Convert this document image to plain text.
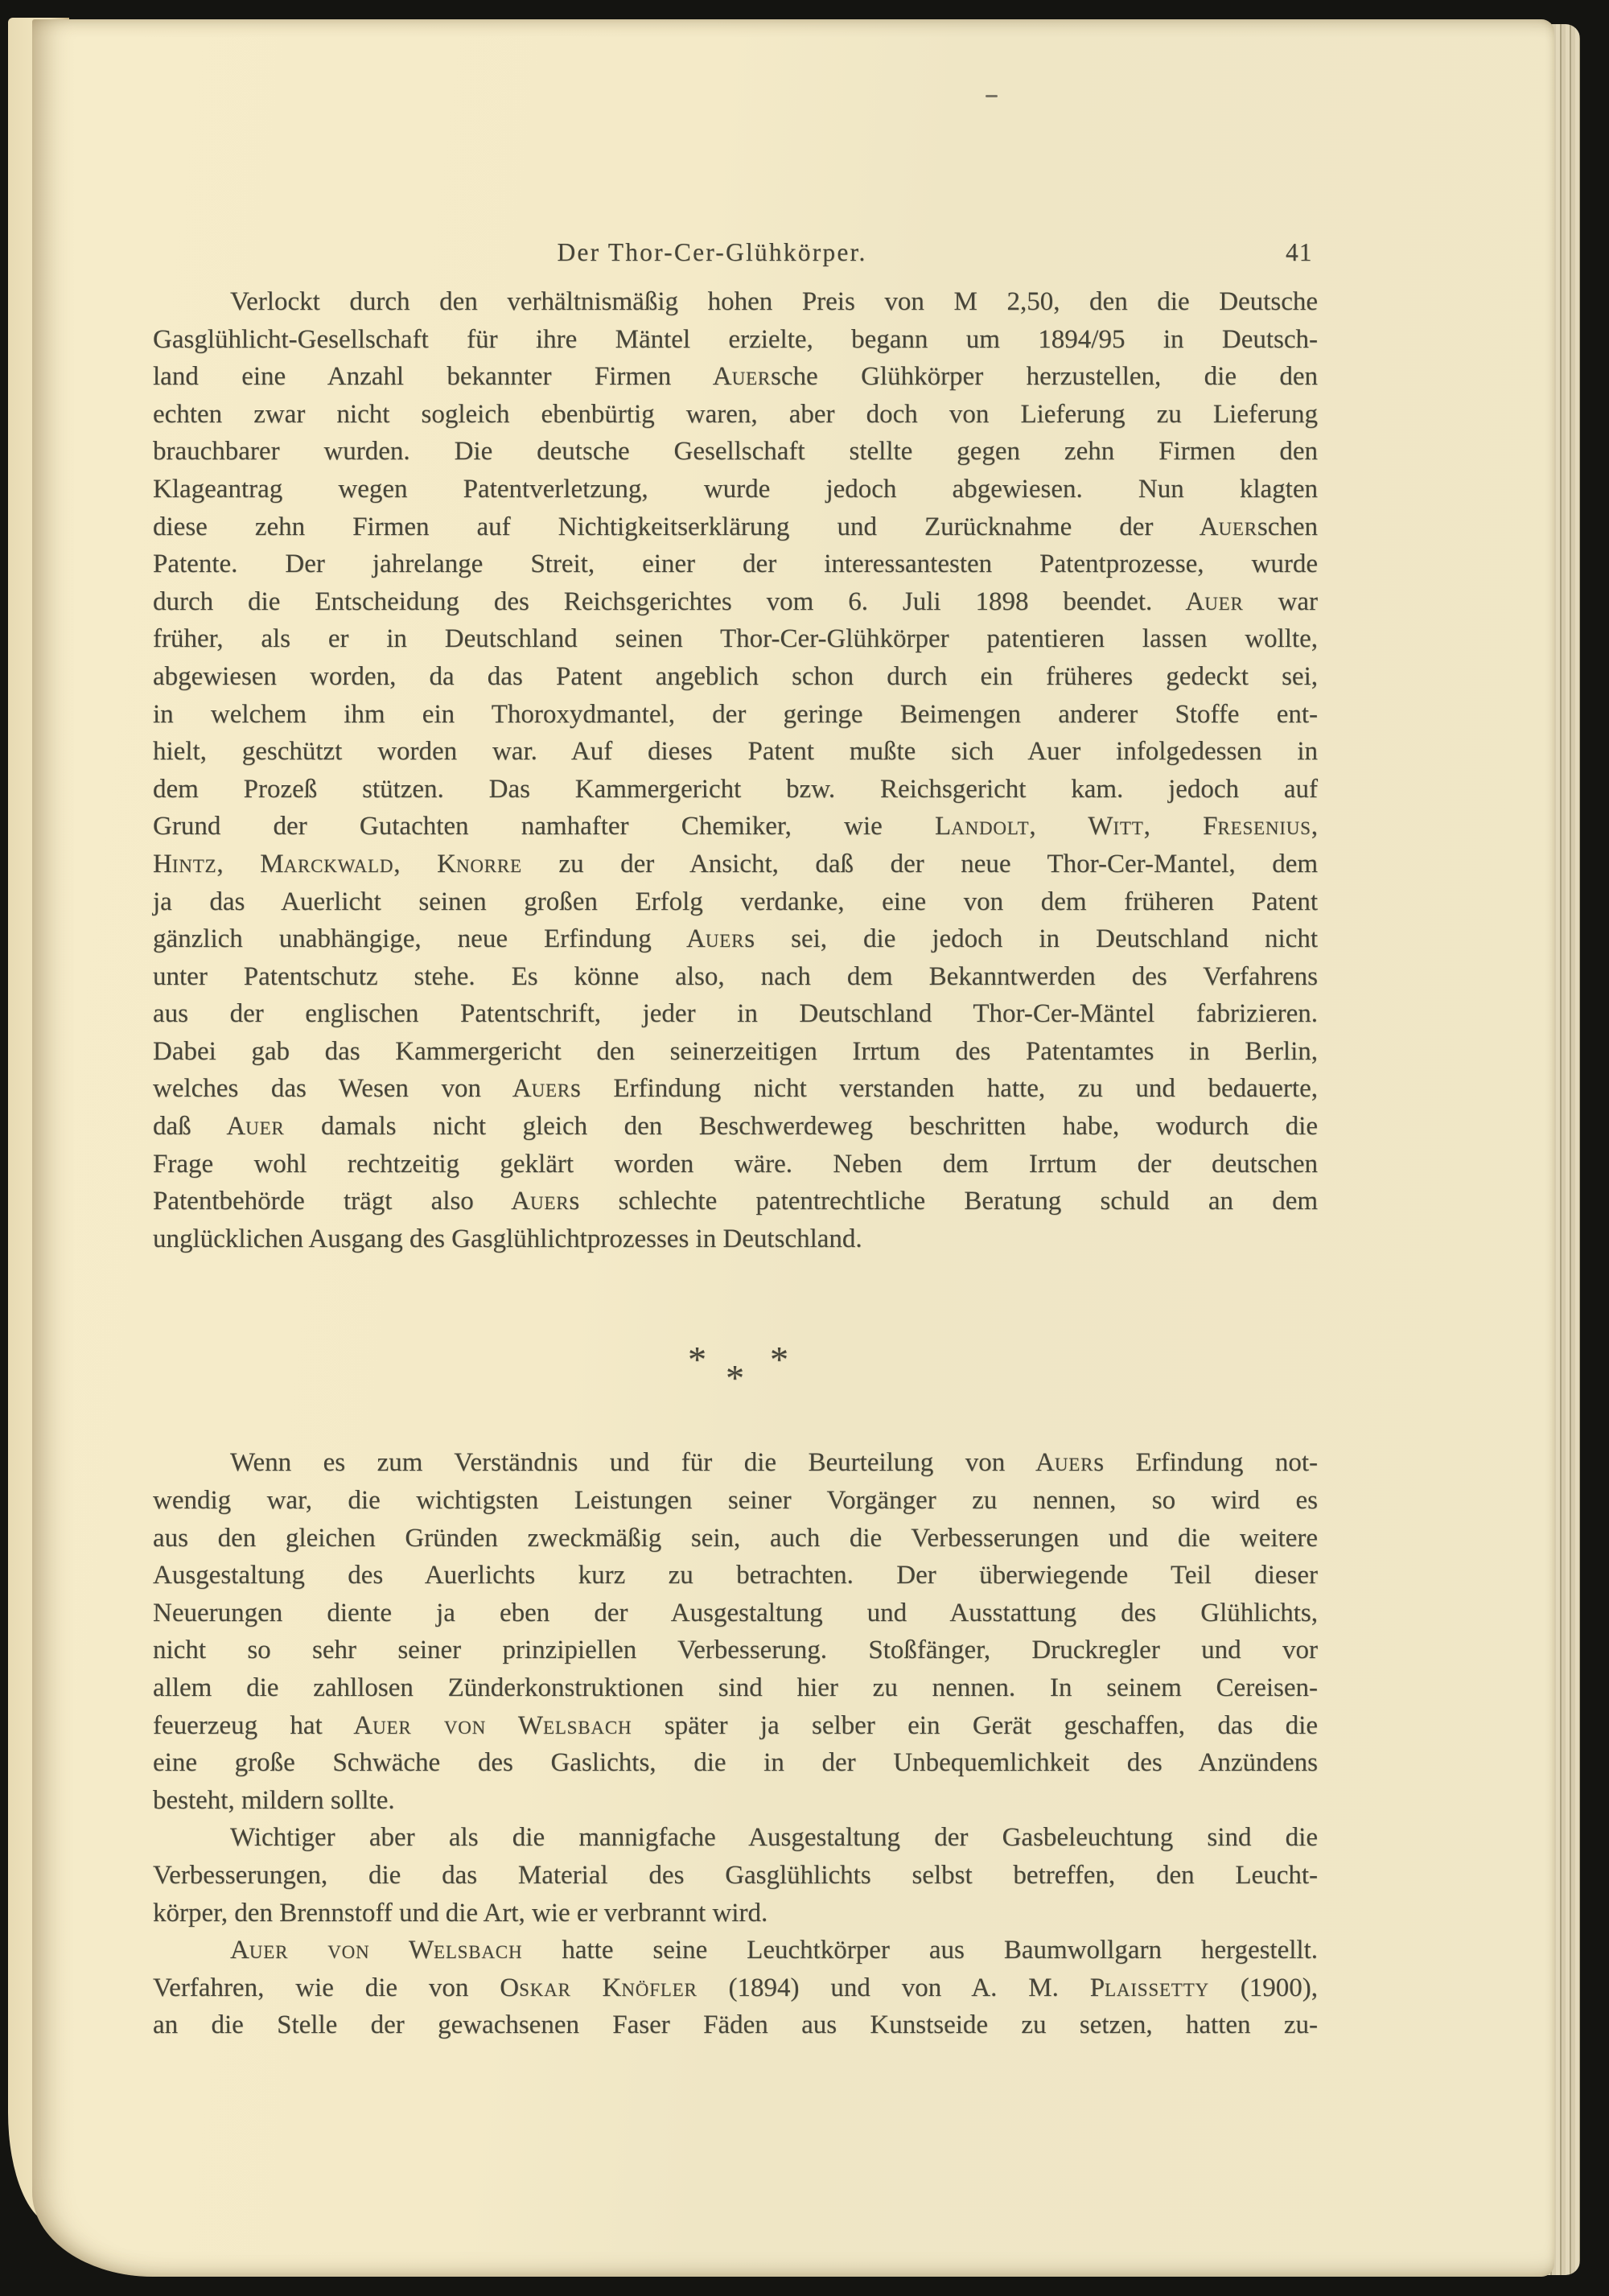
Der Thor-Cer-Glühkörper.	41
Verlockt durch den verhältnismäßig hohen Preis von M 2,50, den die Deutsche
Gasglühlicht-Gesellschaft für ihre Mäntel erzielte, begann um 1894/95 in Deutsch-
land eine Anzahl bekannter Firmen Auersche Glühkörper herzustellen, die den
echten zwar nicht sogleich ebenbürtig waren, aber doch von Lieferung zu Lieferung
brauchbarer wurden. Die deutsche Gesellschaft stellte gegen zehn Firmen den
Klageantrag wegen Patentverletzung, wurde jedoch abgewiesen. Nun klagten
diese zehn Firmen auf Nichtigkeitserklärung und Zurücknahme der Auerschen
Patente. Der jahrelange Streit, einer der interessantesten Patentprozesse, wurde
durch die Entscheidung des Reichsgerichtes vom 6. Juli 1898 beendet. Auer war
früher, als er in Deutschland seinen Thor-Cer-Glühkörper patentieren lassen wollte,
abgewiesen worden, da das Patent angeblich schon durch ein früheres gedeckt sei,
in welchem ihm ein Thoroxydmantel, der geringe Beimengen anderer Stoffe ent-
hielt, geschützt worden war. Auf dieses Patent mußte sich Auer infolgedessen in
dem Prozeß stützen. Das Kammergericht bzw. Reichsgericht kam. jedoch auf
Grund der Gutachten namhafter Chemiker, wie Landolt, Witt, Fresenius,
Hintz, Marckwald, Knorre zu der Ansicht, daß der neue Thor-Cer-Mantel, dem
ja das Auerlicht seinen großen Erfolg verdanke, eine von dem früheren Patent
gänzlich unabhängige, neue Erfindung Auers sei, die jedoch in Deutschland nicht
unter Patentschutz stehe. Es könne also, nach dem Bekanntwerden des Verfahrens
aus der englischen Patentschrift, jeder in Deutschland Thor-Cer-Mäntel fabrizieren.
Dabei gab das Kammergericht den seinerzeitigen Irrtum des Patentamtes in Berlin,
welches das Wesen von Auers Erfindung nicht verstanden hatte, zu und bedauerte,
daß Auer damals nicht gleich den Beschwerdeweg beschritten habe, wodurch die
Frage wohl rechtzeitig geklärt worden wäre. Neben dem Irrtum der deutschen
Patentbehörde trägt also Auers schlechte patentrechtliche Beratung schuld an dem
unglücklichen Ausgang des Gasglühlichtprozesses in Deutschland.
* * *
Wenn es zum Verständnis und für die Beurteilung von Auers Erfindung not-
wendig war, die wichtigsten Leistungen seiner Vorgänger zu nennen, so wird es
aus den gleichen Gründen zweckmäßig sein, auch die Verbesserungen und die weitere
Ausgestaltung des Auerlichts kurz zu betrachten. Der überwiegende Teil dieser
Neuerungen diente ja eben der Ausgestaltung und Ausstattung des Glühlichts,
nicht so sehr seiner prinzipiellen Verbesserung. Stoßfänger, Druckregler und vor
allem die zahllosen Zünderkonstruktionen sind hier zu nennen. In seinem Cereisen-
feuerzeug hat Auer von Welsbach später ja selber ein Gerät geschaffen, das die
eine große Schwäche des Gaslichts, die in der Unbequemlichkeit des Anzündens
besteht, mildern sollte.
Wichtiger aber als die mannigfache Ausgestaltung der Gasbeleuchtung sind die
Verbesserungen, die das Material des Gasglühlichts selbst betreffen, den Leucht-
körper, den Brennstoff und die Art, wie er verbrannt wird.
Auer von Welsbach hatte seine Leuchtkörper aus Baumwollgarn hergestellt.
Verfahren, wie die von Oskar Knöfler (1894) und von A. M. Plaissetty (1900),
an die Stelle der gewachsenen Faser Fäden aus Kunstseide zu setzen, hatten zu-
